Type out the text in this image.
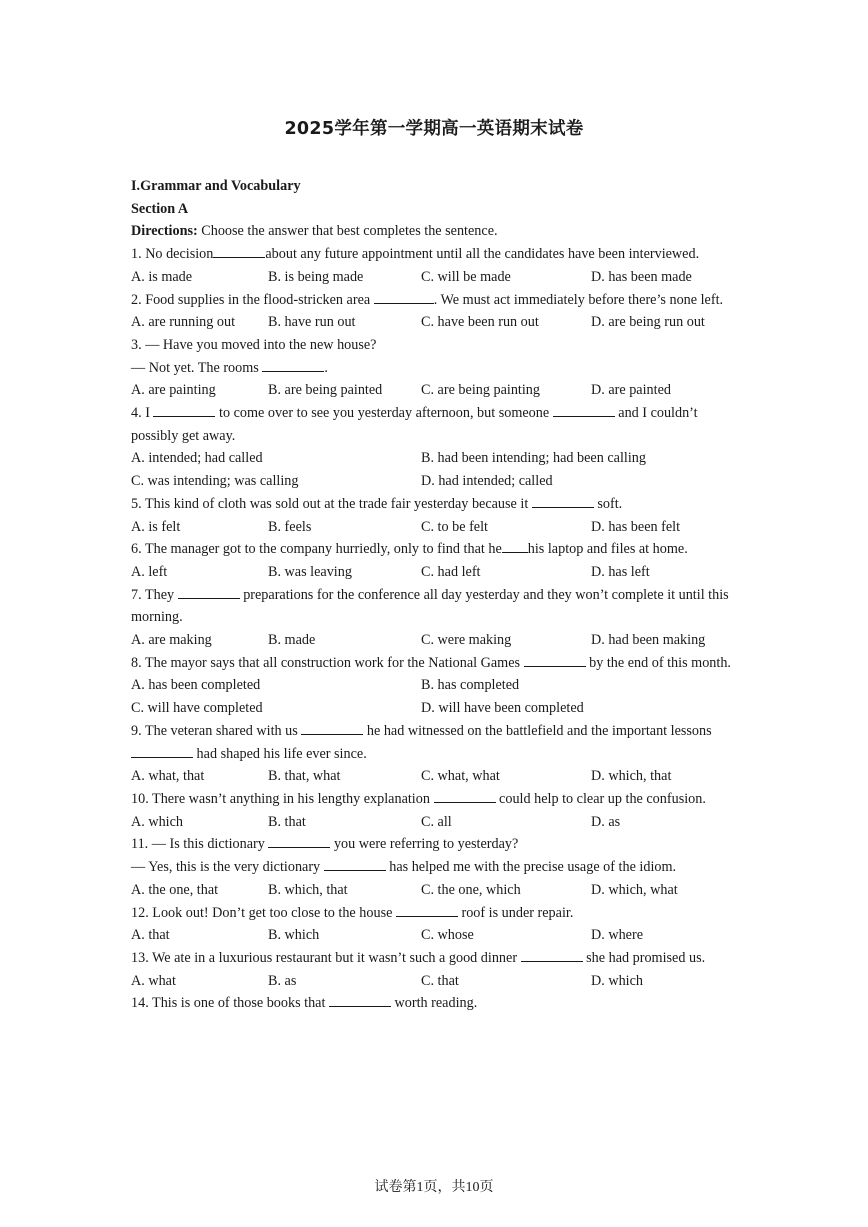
2025学年第一学期高一英语期末试卷
I.Grammar and Vocabulary
Section A
Directions: Choose the answer that best completes the sentence.
1. No decision	about any future appointment until all the candidates have been interviewed.
A. is made	B. is being made	C. will be made	D. has been made
2. Food supplies in the flood-stricken area	. We must act immediately before there’s none left.
A. are running out	B. have run out	C. have been run out	D. are being run out
3. — Have you moved into the new house?
— Not yet. The rooms	.
A. are painting	B. are being painted	C. are being painting	D. are painted
4. I	to come over to see you yesterday afternoon, but someone	and I couldn’t possibly get away.
A. intended; had called	B. had been intending; had been calling
C. was intending; was calling	D. had intended; called
5. This kind of cloth was sold out at the trade fair yesterday because it	soft.
A. is felt	B. feels	C. to be felt	D. has been felt
6. The manager got to the company hurriedly, only to find that he his laptop and files at home.
A. left	B. was leaving	C. had left	D. has left
7. They	preparations for the conference all day yesterday and they won’t complete it until this morning.
A. are making	B. made	C. were making	D. had been making
8. The mayor says that all construction work for the National Games	by the end of this month.
A. has been completed	B. has completed
C. will have completed	D. will have been completed
9. The veteran shared with us	he had witnessed on the battlefield and the important lessons  had shaped his life ever since.
A. what, that	B. that, what	C. what, what	D. which, that
10. There wasn’t anything in his lengthy explanation	could help to clear up the confusion.
A. which	B. that	C. all	D. as
11. — Is this dictionary	you were referring to yesterday?
— Yes, this is the very dictionary	has helped me with the precise usage of the idiom.
A. the one, that	B. which, that	C. the one, which	D. which, what
12. Look out! Don’t get too close to the house	roof is under repair.
A. that	B. which	C. whose	D. where
13. We ate in a luxurious restaurant but it wasn’t such a good dinner	she had promised us.
A. what	B. as	C. that	D. which
14. This is one of those books that	worth reading.
试卷第1页，共10页
